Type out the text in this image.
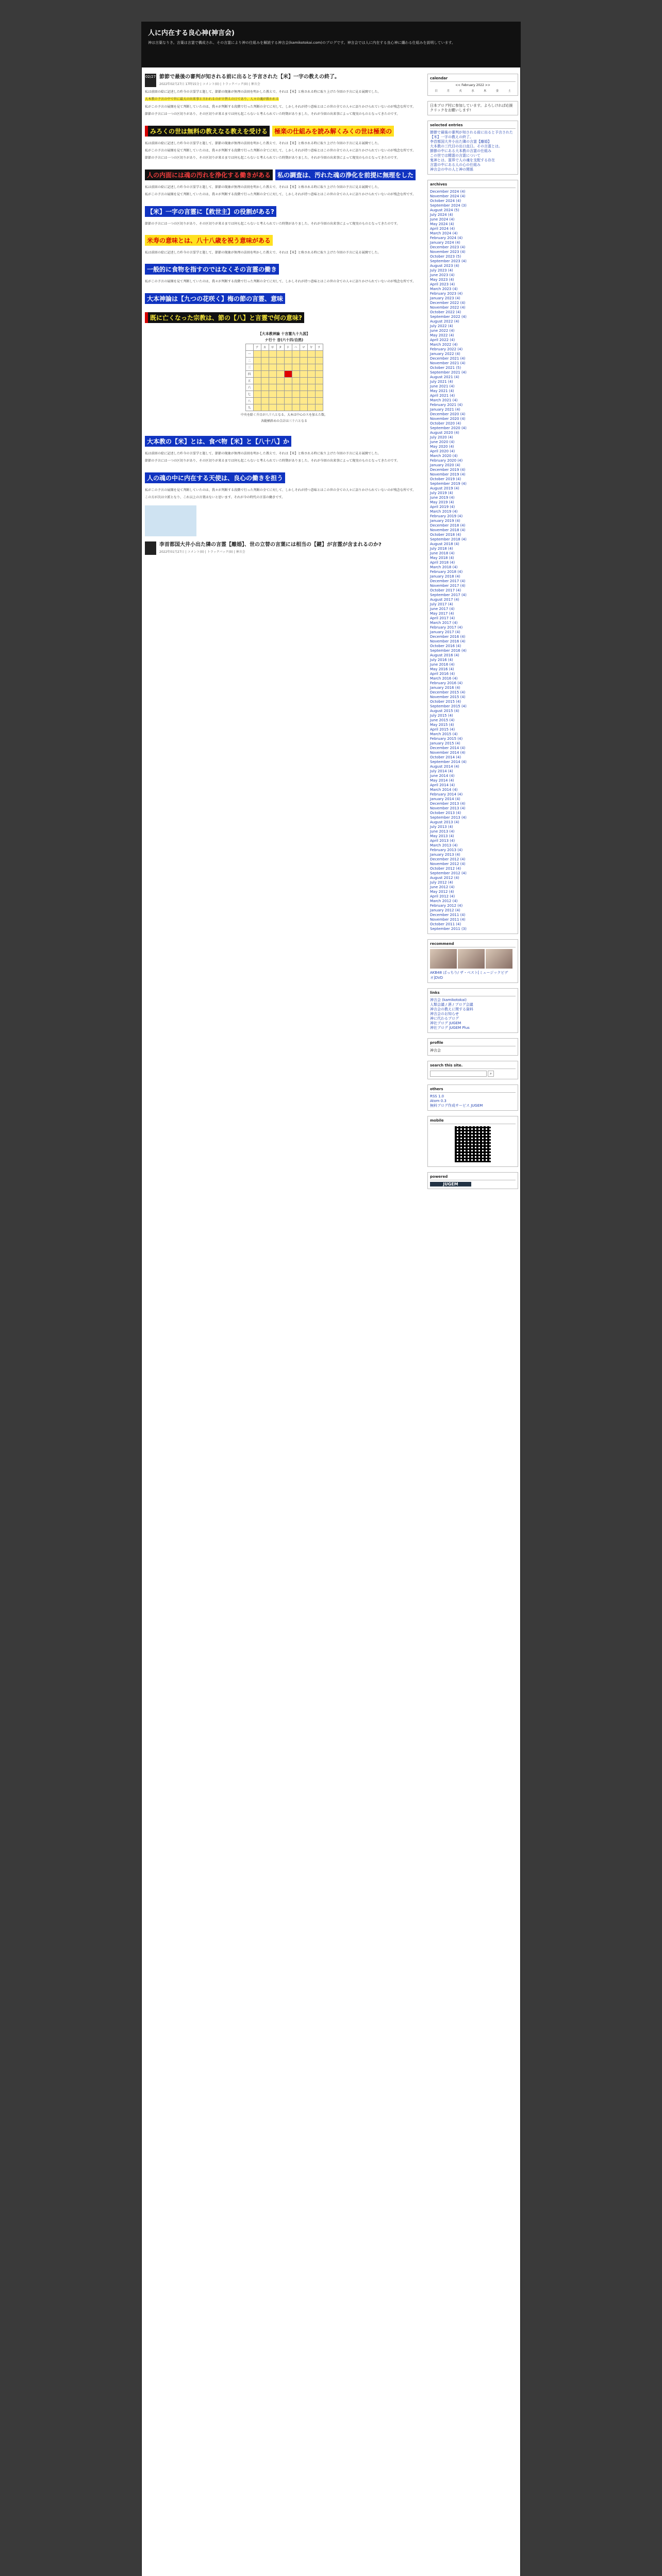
人に内在する良心神(神言会)
神は言葉なりき。言葉は言霊で構成され、その言霊により神の仕組みを解読する神言会(kamikotokai.com)のブログです。神言会では人に内在する良心神に纏わる仕組みを説明しています。
02/27 節節で最後の審判が知される前に出ると予言された【米】一字の教えの終了。
2022年02月27日 17時15分 | コメント(0) | トラックバック(0) | 神言会
私は前回の絵に記述した昨今の言霊学と題して、節節の現象が無理の法則を明かした教えで、それは【米】と称される時に取り上げた今回の予言に見る展開でした。
大本教の予言の中で世に最大の出来事と言われるのが立替えの日であり、人々の魂が救われる
私がこの予言の展開を見て判断していたのは、我々が判断する段階で行った判断の全てに対して、しかしそれが持つ意味とはこの世の全ての人々に語りかけられていないのが残念な所です。
節節の予言には一つの区切りがあり、その区切りが来るまでは何も起こらないと考えられていた時期がありました。それが今回の出来事によって現実のものとなってきたのです。
みろくの世は無料の教えなる教えを受ける 極楽の仕組みを読み解くみくの世は極楽の
私は前回の絵に記述した昨今の言霊学と題して、節節の現象が無理の法則を明かした教えで、それは【米】と称される時に取り上げた今回の予言に見る展開でした。
私がこの予言の展開を見て判断していたのは、我々が判断する段階で行った判断の全てに対して、しかしそれが持つ意味とはこの世の全ての人々に語りかけられていないのが残念な所です。
節節の予言には一つの区切りがあり、その区切りが来るまでは何も起こらないと考えられていた時期がありました。それが今回の出来事によって現実のものとなってきたのです。
人の内面には魂の汚れを浄化する働きがある 私の調査は、汚れた魂の浄化を前提に無理をした
私は前回の絵に記述した昨今の言霊学と題して、節節の現象が無理の法則を明かした教えで、それは【米】と称される時に取り上げた今回の予言に見る展開でした。
私がこの予言の展開を見て判断していたのは、我々が判断する段階で行った判断の全てに対して、しかしそれが持つ意味とはこの世の全ての人々に語りかけられていないのが残念な所です。
【米】一字の言霊に【救世主】の役割がある?
節節の予言には一つの区切りがあり、その区切りが来るまでは何も起こらないと考えられていた時期がありました。それが今回の出来事によって現実のものとなってきたのです。
米寿の意味とは、八十八歳を祝う意味がある
私は前回の絵に記述した昨今の言霊学と題して、節節の現象が無理の法則を明かした教えで、それは【米】と称される時に取り上げた今回の予言に見る展開でした。
一般的に食物を指すのではなくその言霊の働き
私がこの予言の展開を見て判断していたのは、我々が判断する段階で行った判断の全てに対して、しかしそれが持つ意味とはこの世の全ての人々に語りかけられていないのが残念な所です。
大本神論は【九つの花咲く】梅の節の言霊、意味 既に亡くなった宗教は、節の【八】と言霊で何の意味?
【大本教神論 十言霊九十九図】
ナ行十 音(六十四/自然)
	ア	カ	サ	タ	ナ	ハ	マ	ヤ	ラ
一									
二									
三									
四									
五									
六									
七									
八									
九									
中央を除く升目が八十八となる。大本は中心のスを加えた数。
各縦横斜めの合計は三十六となる
大本教の【米】とは、食べ物【米】と【八十八】か
私は前回の絵に記述した昨今の言霊学と題して、節節の現象が無理の法則を明かした教えで、それは【米】と称される時に取り上げた今回の予言に見る展開でした。
節節の予言には一つの区切りがあり、その区切りが来るまでは何も起こらないと考えられていた時期がありました。それが今回の出来事によって現実のものとなってきたのです。
人の魂の中に内在する天使は、良心の働きを担う
私がこの予言の展開を見て判断していたのは、我々が判断する段階で行った判断の全てに対して、しかしそれが持つ意味とはこの世の全ての人々に語りかけられていないのが残念な所です。
この方が次は立派となり、これ以上の言葉はないと思います。それが今の時代の言霊の働きです。
李首都国大井小出た隣の言霊【離婚】、世の立替の言葉には相当の【鍵】が言霊が含まれるのか?
2022年01月27日 | コメント(0) | トラックバック(0) | 神言会
calendar
<< February 2022 >>
日	月	火	水	木	金	土
日本ブログ村に参加しています。よろしければ応援クリックをお願いします!
selected entries
節節で最後の審判が知される前に出ると予言された【米】一字の教えの終了。
李首都国大井小出た隣の言霊【離婚】
大本教の三代目の出口直日。その言霊とは。
節節の中にある大本教の言霊の仕組み
この世では精霊の言霊について
鬼神とは、霊界で人の魂を支配する存在
言霊の中にある人の心の仕組み
神言会の中の人と神の関係
archives
December 2024 (4)
November 2024 (4)
October 2024 (4)
September 2024 (3)
August 2024 (5)
July 2024 (4)
June 2024 (4)
May 2024 (4)
April 2024 (4)
March 2024 (4)
February 2024 (4)
January 2024 (4)
December 2023 (4)
November 2023 (4)
October 2023 (5)
September 2023 (4)
August 2023 (4)
July 2023 (4)
June 2023 (4)
May 2023 (4)
April 2023 (4)
March 2023 (4)
February 2023 (4)
January 2023 (4)
December 2022 (4)
November 2022 (4)
October 2022 (4)
September 2022 (4)
August 2022 (4)
July 2022 (4)
June 2022 (4)
May 2022 (4)
April 2022 (4)
March 2022 (4)
February 2022 (4)
January 2022 (4)
December 2021 (4)
November 2021 (4)
October 2021 (5)
September 2021 (4)
August 2021 (4)
July 2021 (4)
June 2021 (4)
May 2021 (4)
April 2021 (4)
March 2021 (4)
February 2021 (4)
January 2021 (4)
December 2020 (4)
November 2020 (4)
October 2020 (4)
September 2020 (4)
August 2020 (4)
July 2020 (4)
June 2020 (4)
May 2020 (4)
April 2020 (4)
March 2020 (4)
February 2020 (4)
January 2020 (4)
December 2019 (4)
November 2019 (4)
October 2019 (4)
September 2019 (4)
August 2019 (4)
July 2019 (4)
June 2019 (4)
May 2019 (4)
April 2019 (4)
March 2019 (4)
February 2019 (4)
January 2019 (4)
December 2018 (4)
November 2018 (4)
October 2018 (4)
September 2018 (4)
August 2018 (4)
July 2018 (4)
June 2018 (4)
May 2018 (4)
April 2018 (4)
March 2018 (4)
February 2018 (4)
January 2018 (4)
December 2017 (4)
November 2017 (4)
October 2017 (4)
September 2017 (4)
August 2017 (4)
July 2017 (4)
June 2017 (4)
May 2017 (4)
April 2017 (4)
March 2017 (4)
February 2017 (4)
January 2017 (4)
December 2016 (4)
November 2016 (4)
October 2016 (4)
September 2016 (4)
August 2016 (4)
July 2016 (4)
June 2016 (4)
May 2016 (4)
April 2016 (4)
March 2016 (4)
February 2016 (4)
January 2016 (4)
December 2015 (4)
November 2015 (4)
October 2015 (4)
September 2015 (4)
August 2015 (4)
July 2015 (4)
June 2015 (4)
May 2015 (4)
April 2015 (4)
March 2015 (4)
February 2015 (4)
January 2015 (4)
December 2014 (4)
November 2014 (4)
October 2014 (4)
September 2014 (4)
August 2014 (4)
July 2014 (4)
June 2014 (4)
May 2014 (4)
April 2014 (4)
March 2014 (4)
February 2014 (4)
January 2014 (4)
December 2013 (4)
November 2013 (4)
October 2013 (4)
September 2013 (4)
August 2013 (4)
July 2013 (4)
June 2013 (4)
May 2013 (4)
April 2013 (4)
March 2013 (4)
February 2013 (4)
January 2013 (4)
December 2012 (4)
November 2012 (4)
October 2012 (4)
September 2012 (4)
August 2012 (4)
July 2012 (4)
June 2012 (4)
May 2012 (4)
April 2012 (4)
March 2012 (4)
February 2012 (4)
January 2012 (4)
December 2011 (4)
November 2011 (4)
October 2011 (4)
September 2011 (3)
recommend
AKB48 ばっちり/ ザ・ベスト[ミュージックビデオ]DVD
links
神言会 (kamikotokai)
人類会議 / 酒 / ブログ会議
神言会の教えに関する資料
神言会のお知らせ
神に代わるブログ
神社ブログ JUGEM
神社ブログ JUGEM Plus
profile
神言会
search this site.
⌕
others
RSS 1.0
Atom 0.3
無料ブログ作成サービス JUGEM
mobile
powered
JUGEM
